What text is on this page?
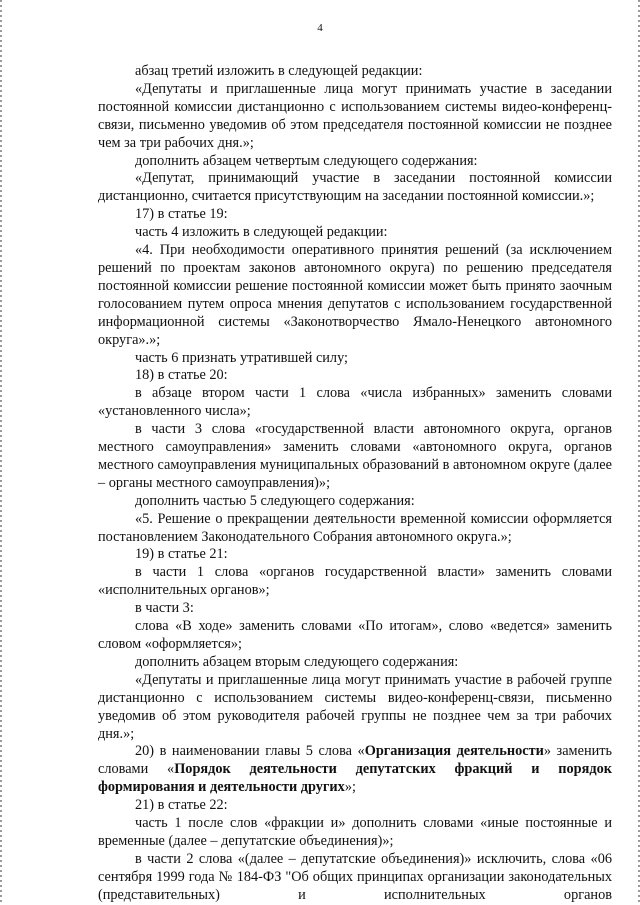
4

абзац третий изложить в следующей редакции:

«Депутаты и приглашенные лица могут принимать участие в заседании постоянной комиссии дистанционно с использованием системы видео-конференц-связи, письменно уведомив об этом председателя постоянной комиссии не позднее чем за три рабочих дня.»;

дополнить абзацем четвертым следующего содержания:

«Депутат, принимающий участие в заседании постоянной комиссии дистанционно, считается присутствующим на заседании постоянной комиссии.»;

17) в статье 19:

часть 4 изложить в следующей редакции:

«4. При необходимости оперативного принятия решений (за исключением решений по проектам законов автономного округа) по решению председателя постоянной комиссии решение постоянной комиссии может быть принято заочным голосованием путем опроса мнения депутатов с использованием государственной информационной системы «Законотворчество Ямало-Ненецкого автономного округа».»;

часть 6 признать утратившей силу;

18) в статье 20:

в абзаце втором части 1 слова «числа избранных» заменить словами «установленного числа»;

в части 3 слова «государственной власти автономного округа, органов местного самоуправления» заменить словами «автономного округа, органов местного самоуправления муниципальных образований в автономном округе (далее – органы местного самоуправления)»;

дополнить частью 5 следующего содержания:

«5. Решение о прекращении деятельности временной комиссии оформляется постановлением Законодательного Собрания автономного округа.»;

19) в статье 21:

в части 1 слова «органов государственной власти» заменить словами «исполнительных органов»;

в части 3:

слова «В ходе» заменить словами «По итогам», слово «ведется» заменить словом «оформляется»;

дополнить абзацем вторым следующего содержания:

«Депутаты и приглашенные лица могут принимать участие в рабочей группе дистанционно с использованием системы видео-конференц-связи, письменно уведомив об этом руководителя рабочей группы не позднее чем за три рабочих дня.»;

20) в наименовании главы 5 слова «Организация деятельности» заменить словами «Порядок деятельности депутатских фракций и порядок формирования и деятельности других»;

21) в статье 22:

часть 1 после слов «фракции и» дополнить словами «иные постоянные и временные (далее – депутатские объединения)»;

в части 2 слова «(далее – депутатские объединения)» исключить, слова «06 сентября 1999 года № 184-ФЗ "Об общих принципах организации законодательных (представительных) и исполнительных органов
